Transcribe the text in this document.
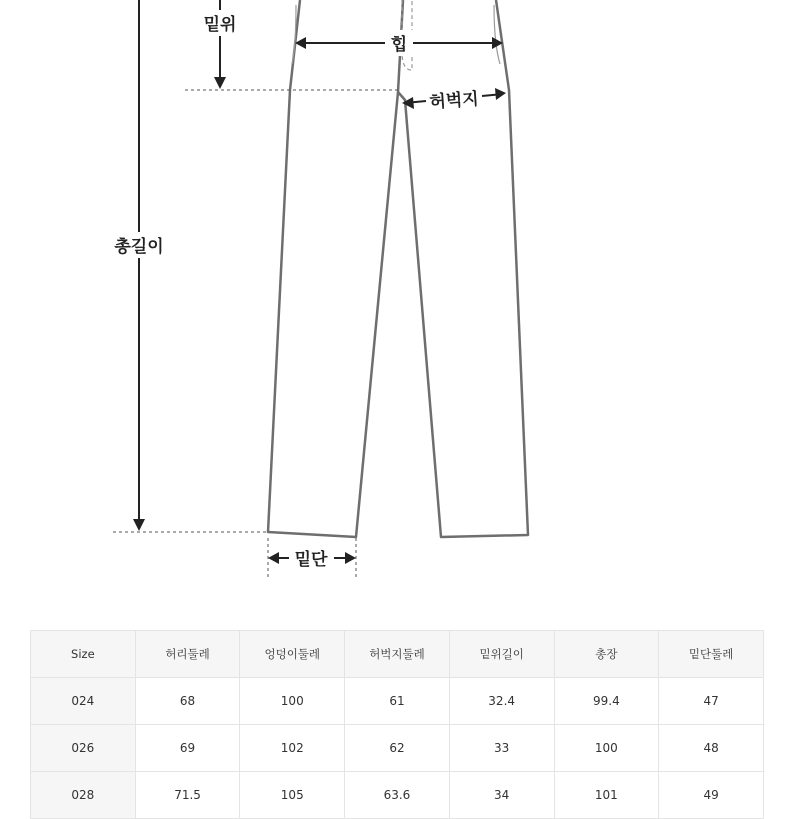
밑위
총길이
힙
허벅지
밑단
Size	허리둘레	엉덩이둘레	허벅지둘레	밑위길이	총장	밑단둘레
024	68	100	61	32.4	99.4	47
026	69	102	62	33	100	48
028	71.5	105	63.6	34	101	49
